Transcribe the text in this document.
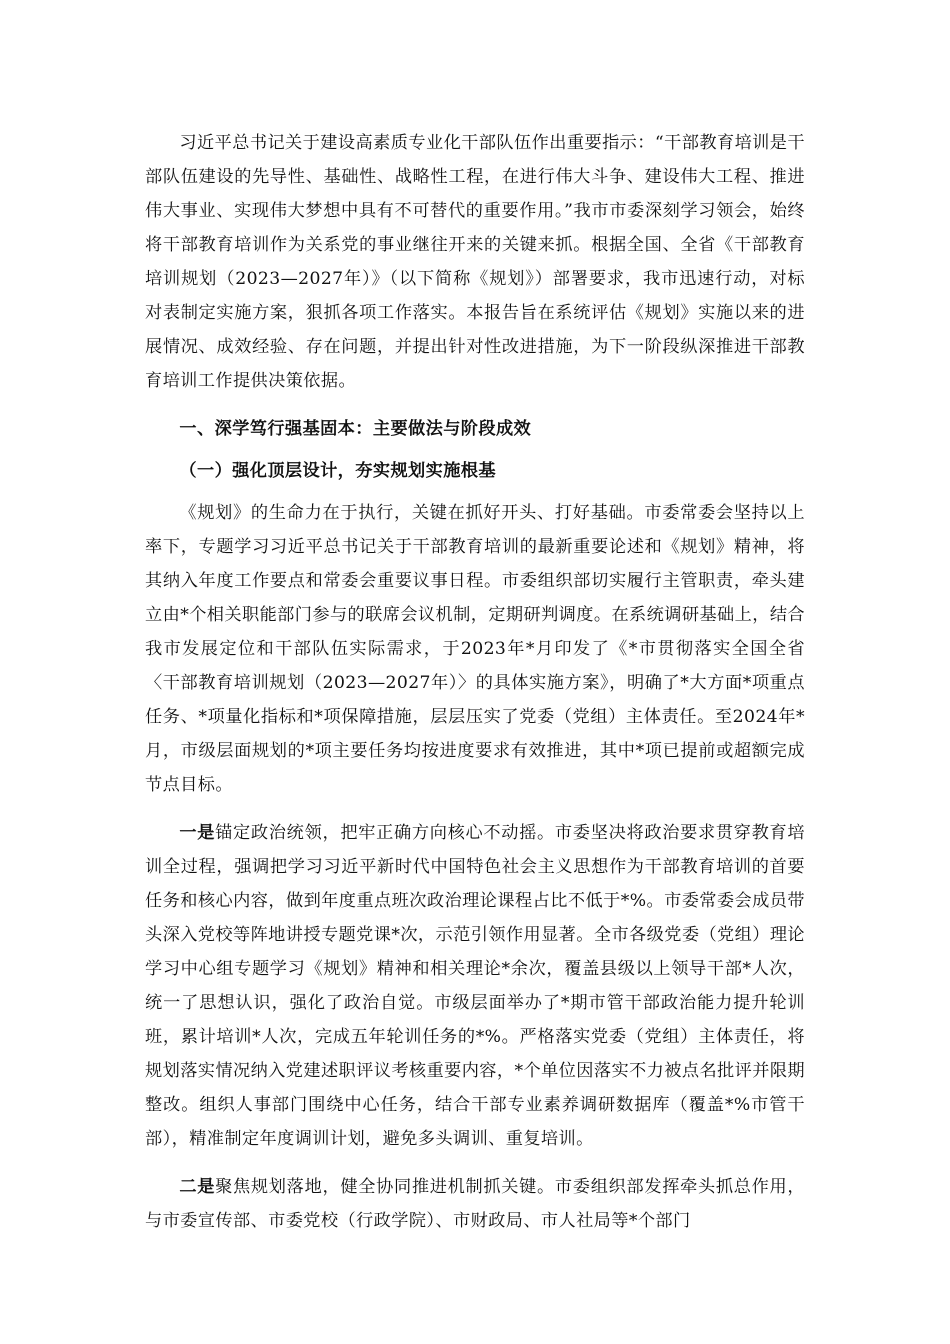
习近平总书记关于建设高素质专业化干部队伍作出重要指示：“干部教育培训是干部队伍建设的先导性、基础性、战略性工程，在进行伟大斗争、建设伟大工程、推进伟大事业、实现伟大梦想中具有不可替代的重要作用。”我市市委深刻学习领会，始终将干部教育培训作为关系党的事业继往开来的关键来抓。根据全国、全省《干部教育培训规划（2023—2027年）》（以下简称《规划》）部署要求，我市迅速行动，对标对表制定实施方案，狠抓各项工作落实。本报告旨在系统评估《规划》实施以来的进展情况、成效经验、存在问题，并提出针对性改进措施，为下一阶段纵深推进干部教育培训工作提供决策依据。

一、深学笃行强基固本：主要做法与阶段成效

（一）强化顶层设计，夯实规划实施根基

《规划》的生命力在于执行，关键在抓好开头、打好基础。市委常委会坚持以上率下，专题学习习近平总书记关于干部教育培训的最新重要论述和《规划》精神，将其纳入年度工作要点和常委会重要议事日程。市委组织部切实履行主管职责，牵头建立由*个相关职能部门参与的联席会议机制，定期研判调度。在系统调研基础上，结合我市发展定位和干部队伍实际需求，于2023年*月印发了《*市贯彻落实全国全省〈干部教育培训规划（2023—2027年）〉的具体实施方案》，明确了*大方面*项重点任务、*项量化指标和*项保障措施，层层压实了党委（党组）主体责任。至2024年*月，市级层面规划的*项主要任务均按进度要求有效推进，其中*项已提前或超额完成节点目标。

一是锚定政治统领，把牢正确方向核心不动摇。市委坚决将政治要求贯穿教育培训全过程，强调把学习习近平新时代中国特色社会主义思想作为干部教育培训的首要任务和核心内容，做到年度重点班次政治理论课程占比不低于*%。市委常委会成员带头深入党校等阵地讲授专题党课*次，示范引领作用显著。全市各级党委（党组）理论学习中心组专题学习《规划》精神和相关理论*余次，覆盖县级以上领导干部*人次，统一了思想认识，强化了政治自觉。市级层面举办了*期市管干部政治能力提升轮训班，累计培训*人次，完成五年轮训任务的*%。严格落实党委（党组）主体责任，将规划落实情况纳入党建述职评议考核重要内容，*个单位因落实不力被点名批评并限期整改。组织人事部门围绕中心任务，结合干部专业素养调研数据库（覆盖*%市管干部），精准制定年度调训计划，避免多头调训、重复培训。

二是聚焦规划落地，健全协同推进机制抓关键。市委组织部发挥牵头抓总作用，与市委宣传部、市委党校（行政学院）、市财政局、市人社局等*个部门
